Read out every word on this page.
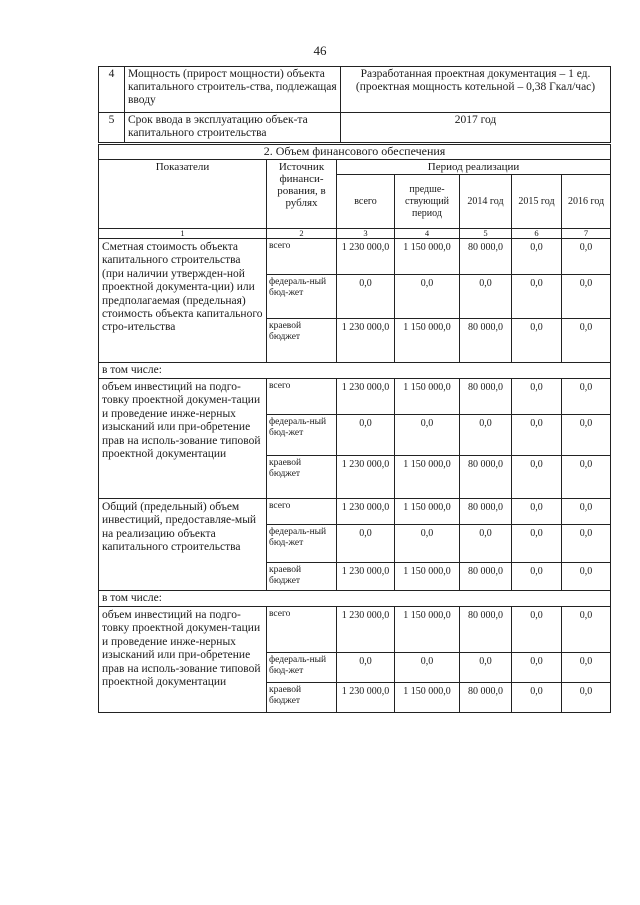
46
4	Мощность (прирост мощности) объекта капитального строитель-ства, подлежащая вводу	Разработанная проектная документация – 1 ед. (проектная мощность котельной – 0,38 Гкал/час)
5	Срок ввода в эксплуатацию объек-та капитального строительства	2017 год
2. Объем финансового обеспечения						
Показатели	Источник финанси-рования, в рублях	Период реализации				
		всего	предше-ствующий период	2014 год	2015 год	2016 год
1	2	3	4	5	6	7
Сметная стоимость объекта капитального строительства (при наличии утвержден-ной проектной документа-ции) или предполагаемая (предельная) стоимость объекта капитального стро-ительства	всего	1 230 000,0	1 150 000,0	80 000,0	0,0	0,0
	федераль-ный бюд-жет	0,0	0,0	0,0	0,0	0,0
	краевой бюджет	1 230 000,0	1 150 000,0	80 000,0	0,0	0,0
в том числе:						
объем инвестиций на подго-товку проектной докумен-тации и проведение инже-нерных изысканий или при-обретение прав на исполь-зование типовой проектной документации	всего	1 230 000,0	1 150 000,0	80 000,0	0,0	0,0
	федераль-ный бюд-жет	0,0	0,0	0,0	0,0	0,0
	краевой бюджет	1 230 000,0	1 150 000,0	80 000,0	0,0	0,0
Общий (предельный) объем инвестиций, предоставляе-мый на реализацию объекта капитального строительства	всего	1 230 000,0	1 150 000,0	80 000,0	0,0	0,0
	федераль-ный бюд-жет	0,0	0,0	0,0	0,0	0,0
	краевой бюджет	1 230 000,0	1 150 000,0	80 000,0	0,0	0,0
в том числе:						
объем инвестиций на подго-товку проектной докумен-тации и проведение инже-нерных изысканий или при-обретение прав на исполь-зование типовой проектной документации	всего	1 230 000,0	1 150 000,0	80 000,0	0,0	0,0
	федераль-ный бюд-жет	0,0	0,0	0,0	0,0	0,0
	краевой бюджет	1 230 000,0	1 150 000,0	80 000,0	0,0	0,0
